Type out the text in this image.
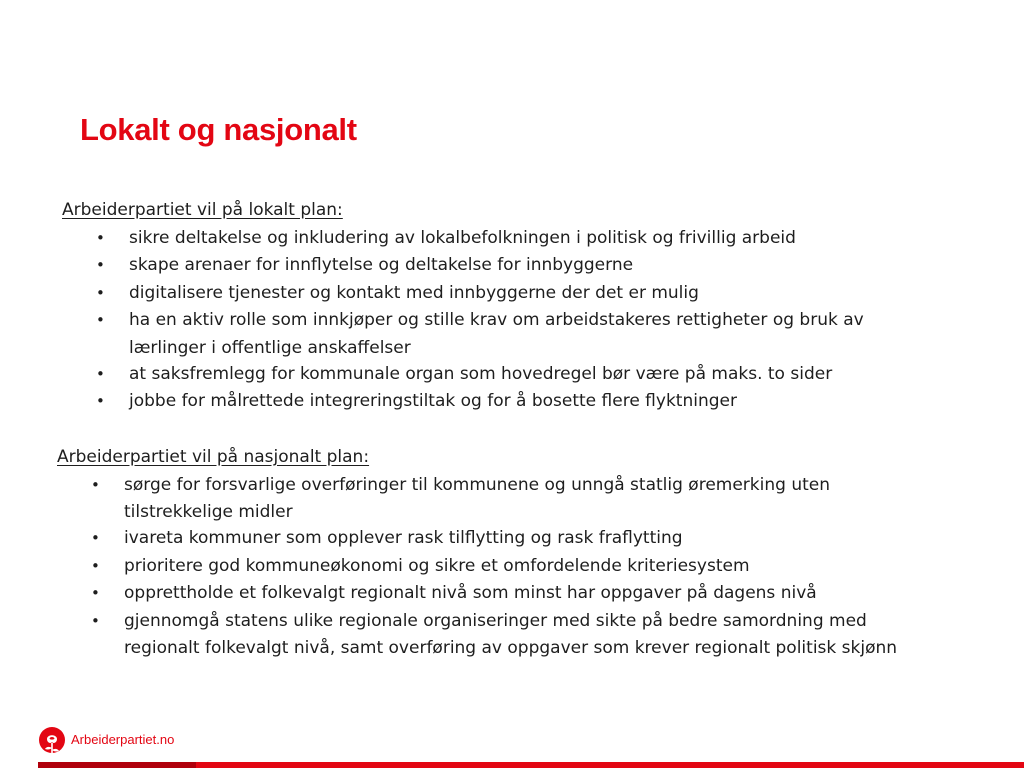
Lokalt og nasjonalt

Arbeiderpartiet vil på lokalt plan:

• sikre deltakelse og inkludering av lokalbefolkningen i politisk og frivillig arbeid
• skape arenaer for innflytelse og deltakelse for innbyggerne
• digitalisere tjenester og kontakt med innbyggerne der det er mulig
• ha en aktiv rolle som innkjøper og stille krav om arbeidstakeres rettigheter og bruk av
lærlinger i offentlige anskaffelser
• at saksfremlegg for kommunale organ som hovedregel bør være på maks. to sider
• jobbe for målrettede integreringstiltak og for å bosette flere flyktninger

Arbeiderpartiet vil på nasjonalt plan:

• sørge for forsvarlige overføringer til kommunene og unngå statlig øremerking uten
tilstrekkelige midler
• ivareta kommuner som opplever rask tilflytting og rask fraflytting
• prioritere god kommuneøkonomi og sikre et omfordelende kriteriesystem
• opprettholde et folkevalgt regionalt nivå som minst har oppgaver på dagens nivå
• gjennomgå statens ulike regionale organiseringer med sikte på bedre samordning med
regionalt folkevalgt nivå, samt overføring av oppgaver som krever regionalt politisk skjønn
Arbeiderpartiet.no
